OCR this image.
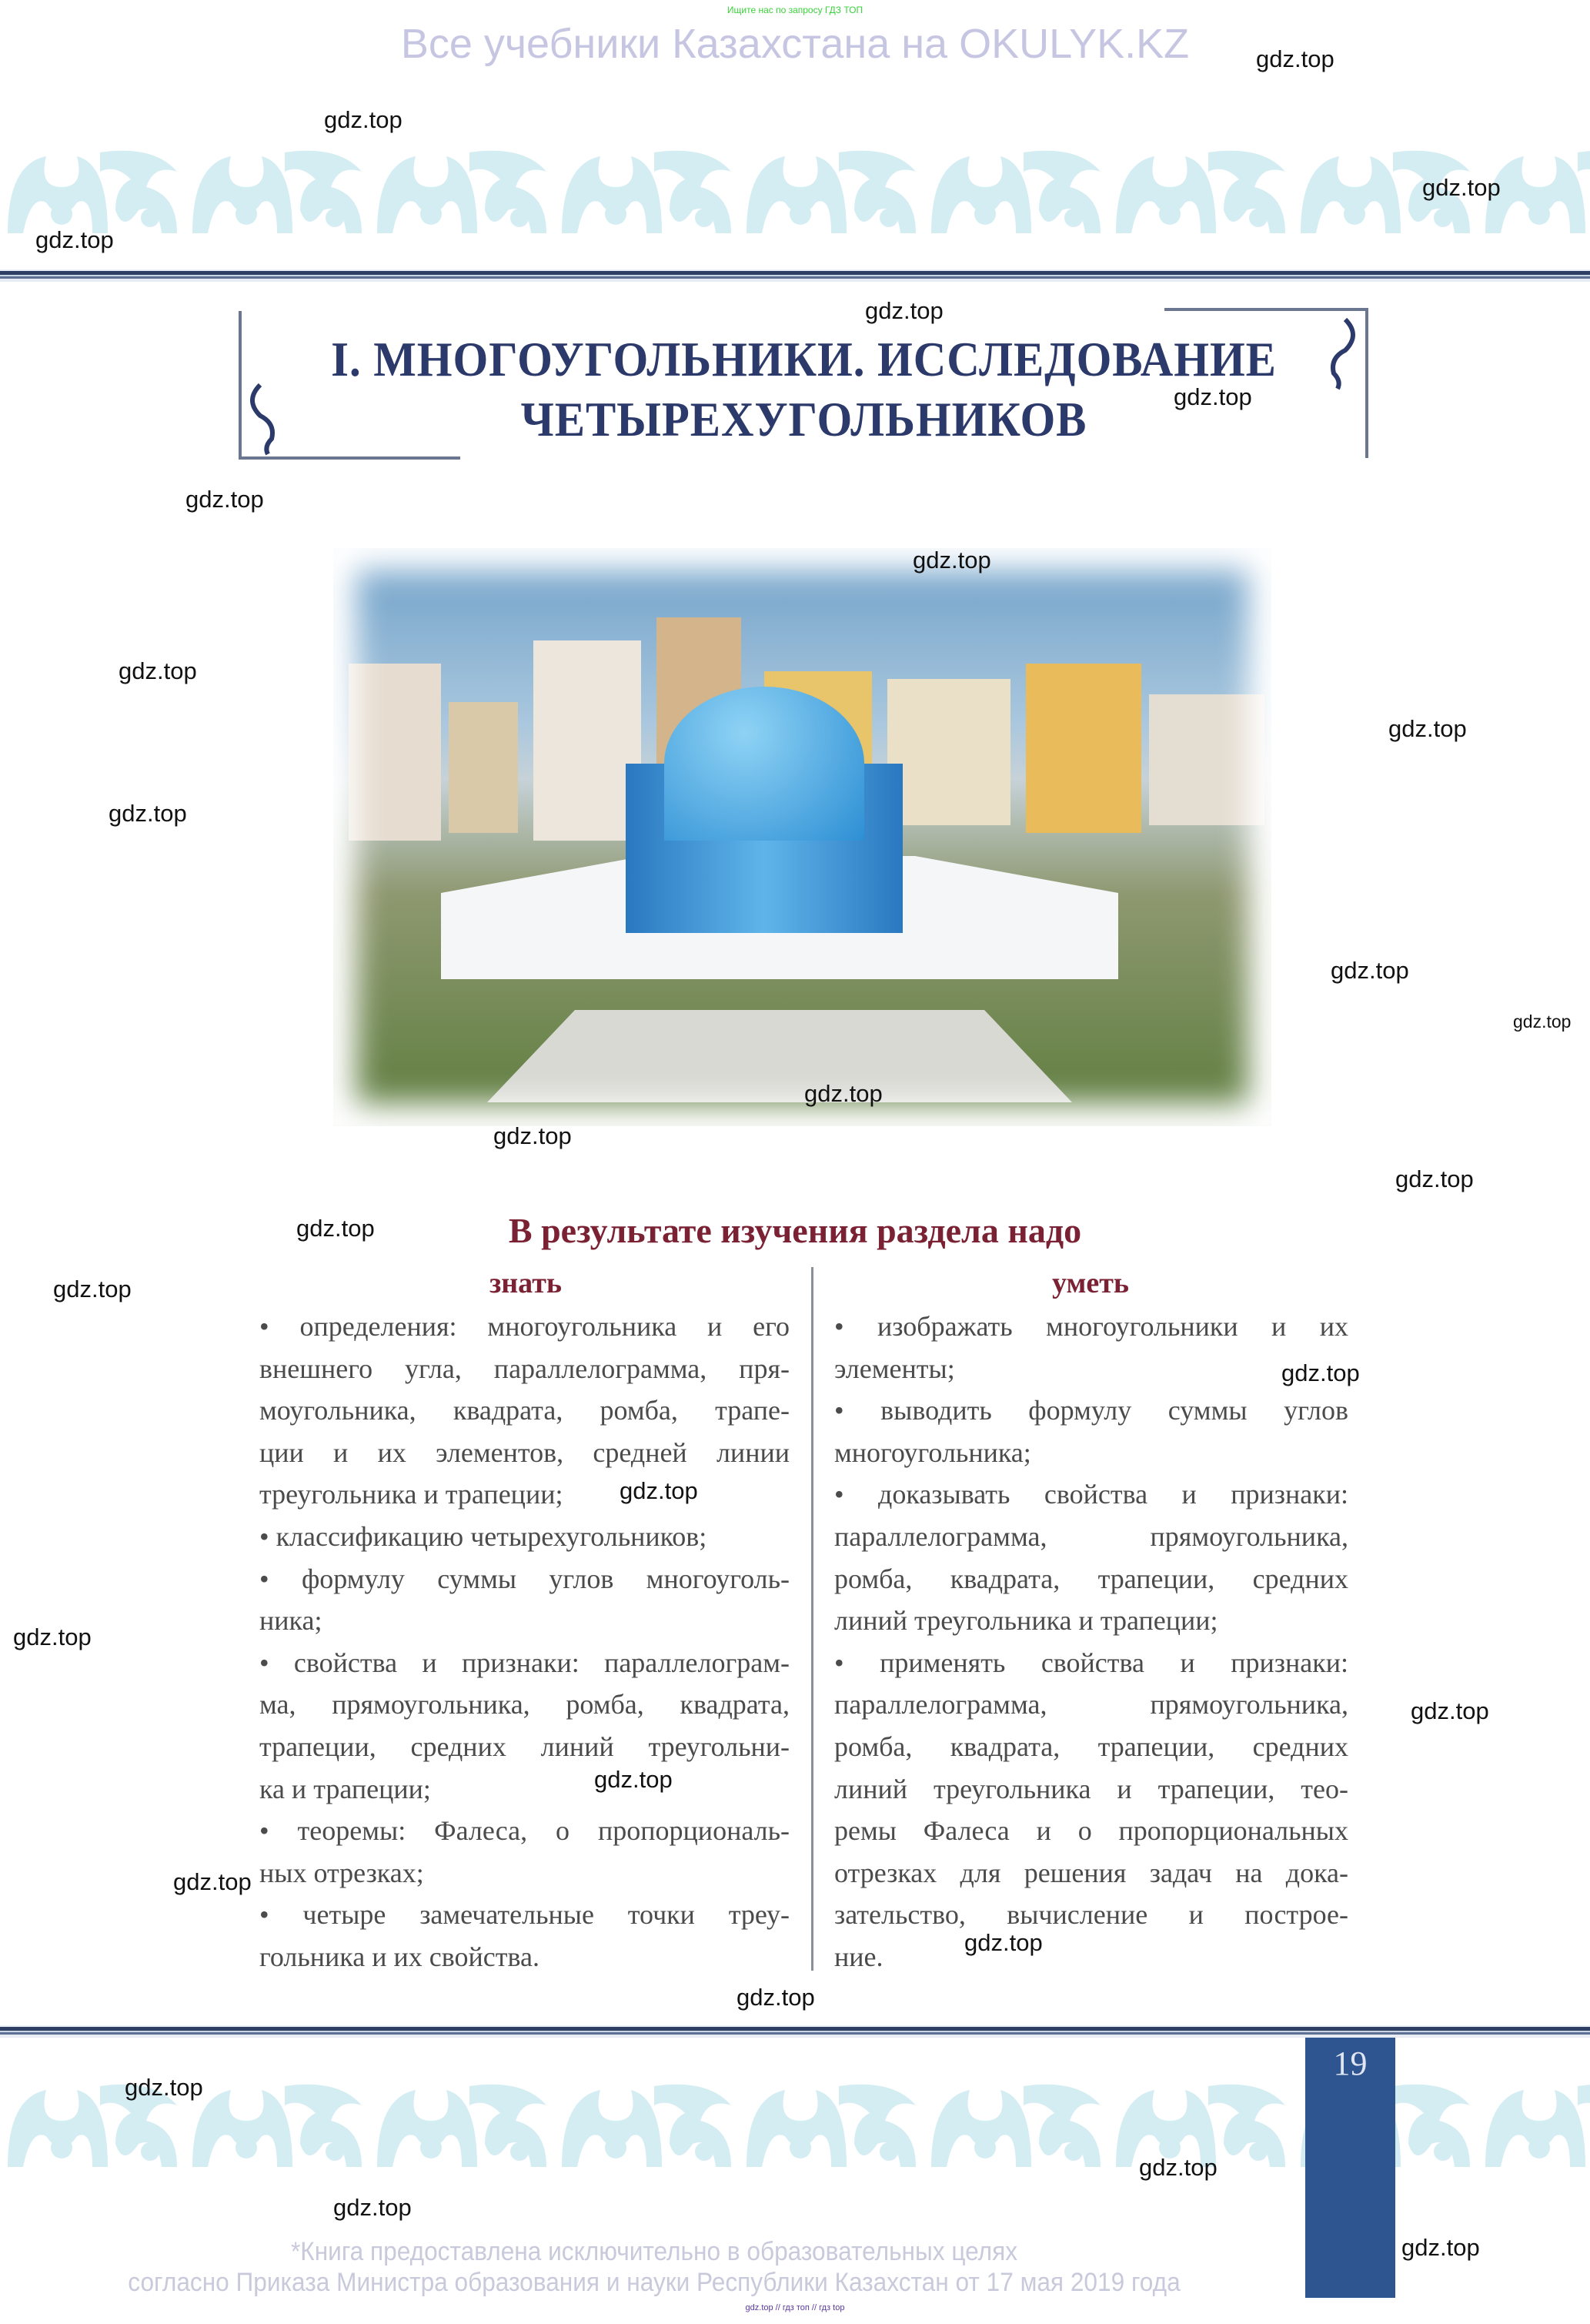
Ищите нас по запросу ГДЗ ТОП
Все учебники Казахстана на OKULYK.KZ
I. МНОГОУГОЛЬНИКИ. ИССЛЕДОВАНИЕ
ЧЕТЫРЕХУГОЛЬНИКОВ
В результате изучения раздела надо
знать	уметь
• определения: многоугольника и его
внешнего угла, параллелограмма, пря-
моугольника, квадрата, ромба, трапе-
ции и их элементов, средней линии
треугольника и трапеции;
• классификацию четырехугольников;
• формулу суммы углов многоуголь-
ника;
• свойства и признаки: параллелограм-
ма, прямоугольника, ромба, квадрата,
трапеции, средних линий треугольни-
ка и трапеции;
• теоремы: Фалеса, о пропорциональ-
ных отрезках;
• четыре замечательные точки треу-
гольника и их свойства.
• изображать многоугольники и их
элементы;
• выводить формулу суммы углов
многоугольника;
• доказывать свойства и признаки:
параллелограмма, прямоугольника,
ромба, квадрата, трапеции, средних
линий треугольника и трапеции;
• применять свойства и признаки:
параллелограмма, прямоугольника,
ромба, квадрата, трапеции, средних
линий треугольника и трапеции, тео-
ремы Фалеса и о пропорциональных
отрезках для решения задач на дока-
зательство, вычисление и построе-
ние.
19
*Книга предоставлена исключительно в образовательных целях
согласно Приказа Министра образования и науки Республики Казахстан от 17 мая 2019 года
gdz.top // гдз топ // гдз top
gdz.top
gdz.top
gdz.top
gdz.top
gdz.top
gdz.top
gdz.top
gdz.top
gdz.top
gdz.top
gdz.top
gdz.top
gdz.top
gdz.top
gdz.top
gdz.top
gdz.top
gdz.top
gdz.top
gdz.top
gdz.top
gdz.top
gdz.top
gdz.top
gdz.top
gdz.top
gdz.top
gdz.top
gdz.top
gdz.top
